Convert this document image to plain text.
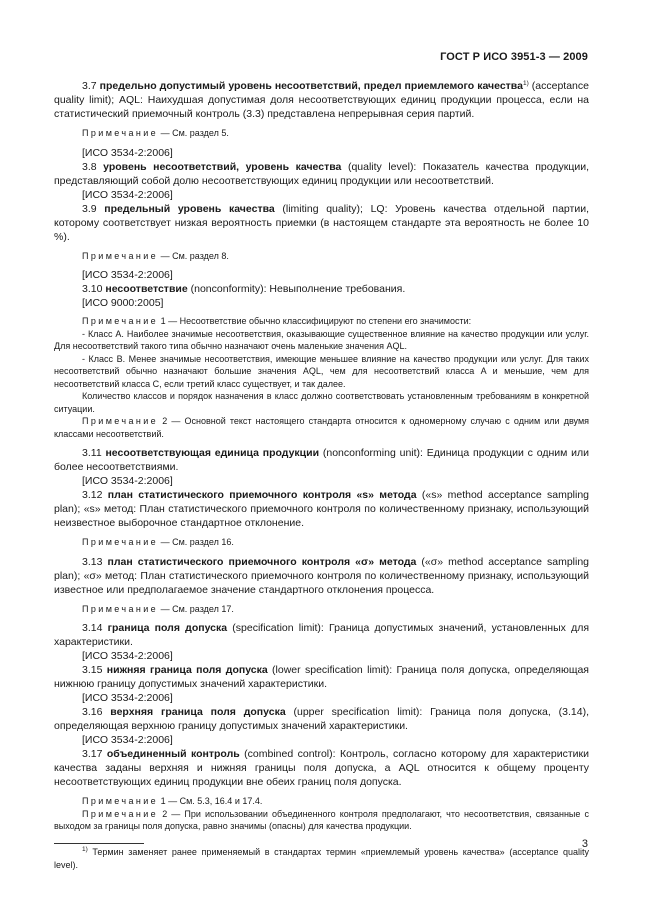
ГОСТ Р ИСО 3951-3 — 2009

3.7 предельно допустимый уровень несоответствий, предел приемлемого качества$^{1)}$ (acceptance quality limit); AQL: Наихудшая допустимая доля несоответствующих единиц продукции процесса, если на статистический приемочный контроль (3.3) представлена непрерывная серия партий.

Примечание — См. раздел 5.

[ИСО 3534-2:2006]

3.8 уровень несоответствий, уровень качества (quality level): Показатель качества продукции, представляющий собой долю несоответствующих единиц продукции или несоответствий.

[ИСО 3534-2:2006]

3.9 предельный уровень качества (limiting quality); LQ: Уровень качества отдельной партии, которому соответствует низкая вероятность приемки (в настоящем стандарте эта вероятность не более 10 %).

Примечание — См. раздел 8.

[ИСО 3534-2:2006]

3.10 несоответствие (nonconformity): Невыполнение требования.

[ИСО 9000:2005]

Примечание 1 — Несоответствие обычно классифицируют по степени его значимости:

- Класс A. Наиболее значимые несоответствия, оказывающие существенное влияние на качество продукции или услуг. Для несоответствий такого типа обычно назначают очень маленькие значения AQL.

- Класс B. Менее значимые несоответствия, имеющие меньшее влияние на качество продукции или услуг. Для таких несоответствий обычно назначают большие значения AQL, чем для несоответствий класса A и меньшие, чем для несоответствий класса C, если третий класс существует, и так далее.

Количество классов и порядок назначения в класс должно соответствовать установленным требованиям в конкретной ситуации.

Примечание 2 — Основной текст настоящего стандарта относится к одномерному случаю с одним или двумя классами несоответствий.

3.11 несоответствующая единица продукции (nonconforming unit): Единица продукции с одним или более несоответствиями.

[ИСО 3534-2:2006]

3.12 план статистического приемочного контроля «s» метода («s» method acceptance sampling plan); «s» метод: План статистического приемочного контроля по количественному признаку, использующий неизвестное выборочное стандартное отклонение.

Примечание — См. раздел 16.

3.13 план статистического приемочного контроля «σ» метода («σ» method acceptance sampling plan); «σ» метод: План статистического приемочного контроля по количественному признаку, использующий известное или предполагаемое значение стандартного отклонения процесса.

Примечание — См. раздел 17.

3.14 граница поля допуска (specification limit): Граница допустимых значений, установленных для характеристики.

[ИСО 3534-2:2006]

3.15 нижняя граница поля допуска (lower specification limit): Граница поля допуска, определяющая нижнюю границу допустимых значений характеристики.

[ИСО 3534-2:2006]

3.16 верхняя граница поля допуска (upper specification limit): Граница поля допуска, (3.14), определяющая верхнюю границу допустимых значений характеристики.

[ИСО 3534-2:2006]

3.17 объединенный контроль (combined control): Контроль, согласно которому для характеристики качества заданы верхняя и нижняя границы поля допуска, а AQL относится к общему проценту несоответствующих единиц продукции вне обеих границ поля допуска.

Примечание 1 — См. 5.3, 16.4 и 17.4.

Примечание 2 — При использовании объединенного контроля предполагают, что несоответствия, связанные с выходом за границы поля допуска, равно значимы (опасны) для качества продукции.

$^{1)}$ Термин заменяет ранее применяемый в стандартах термин «приемлемый уровень качества» (acceptance quality level).

3
